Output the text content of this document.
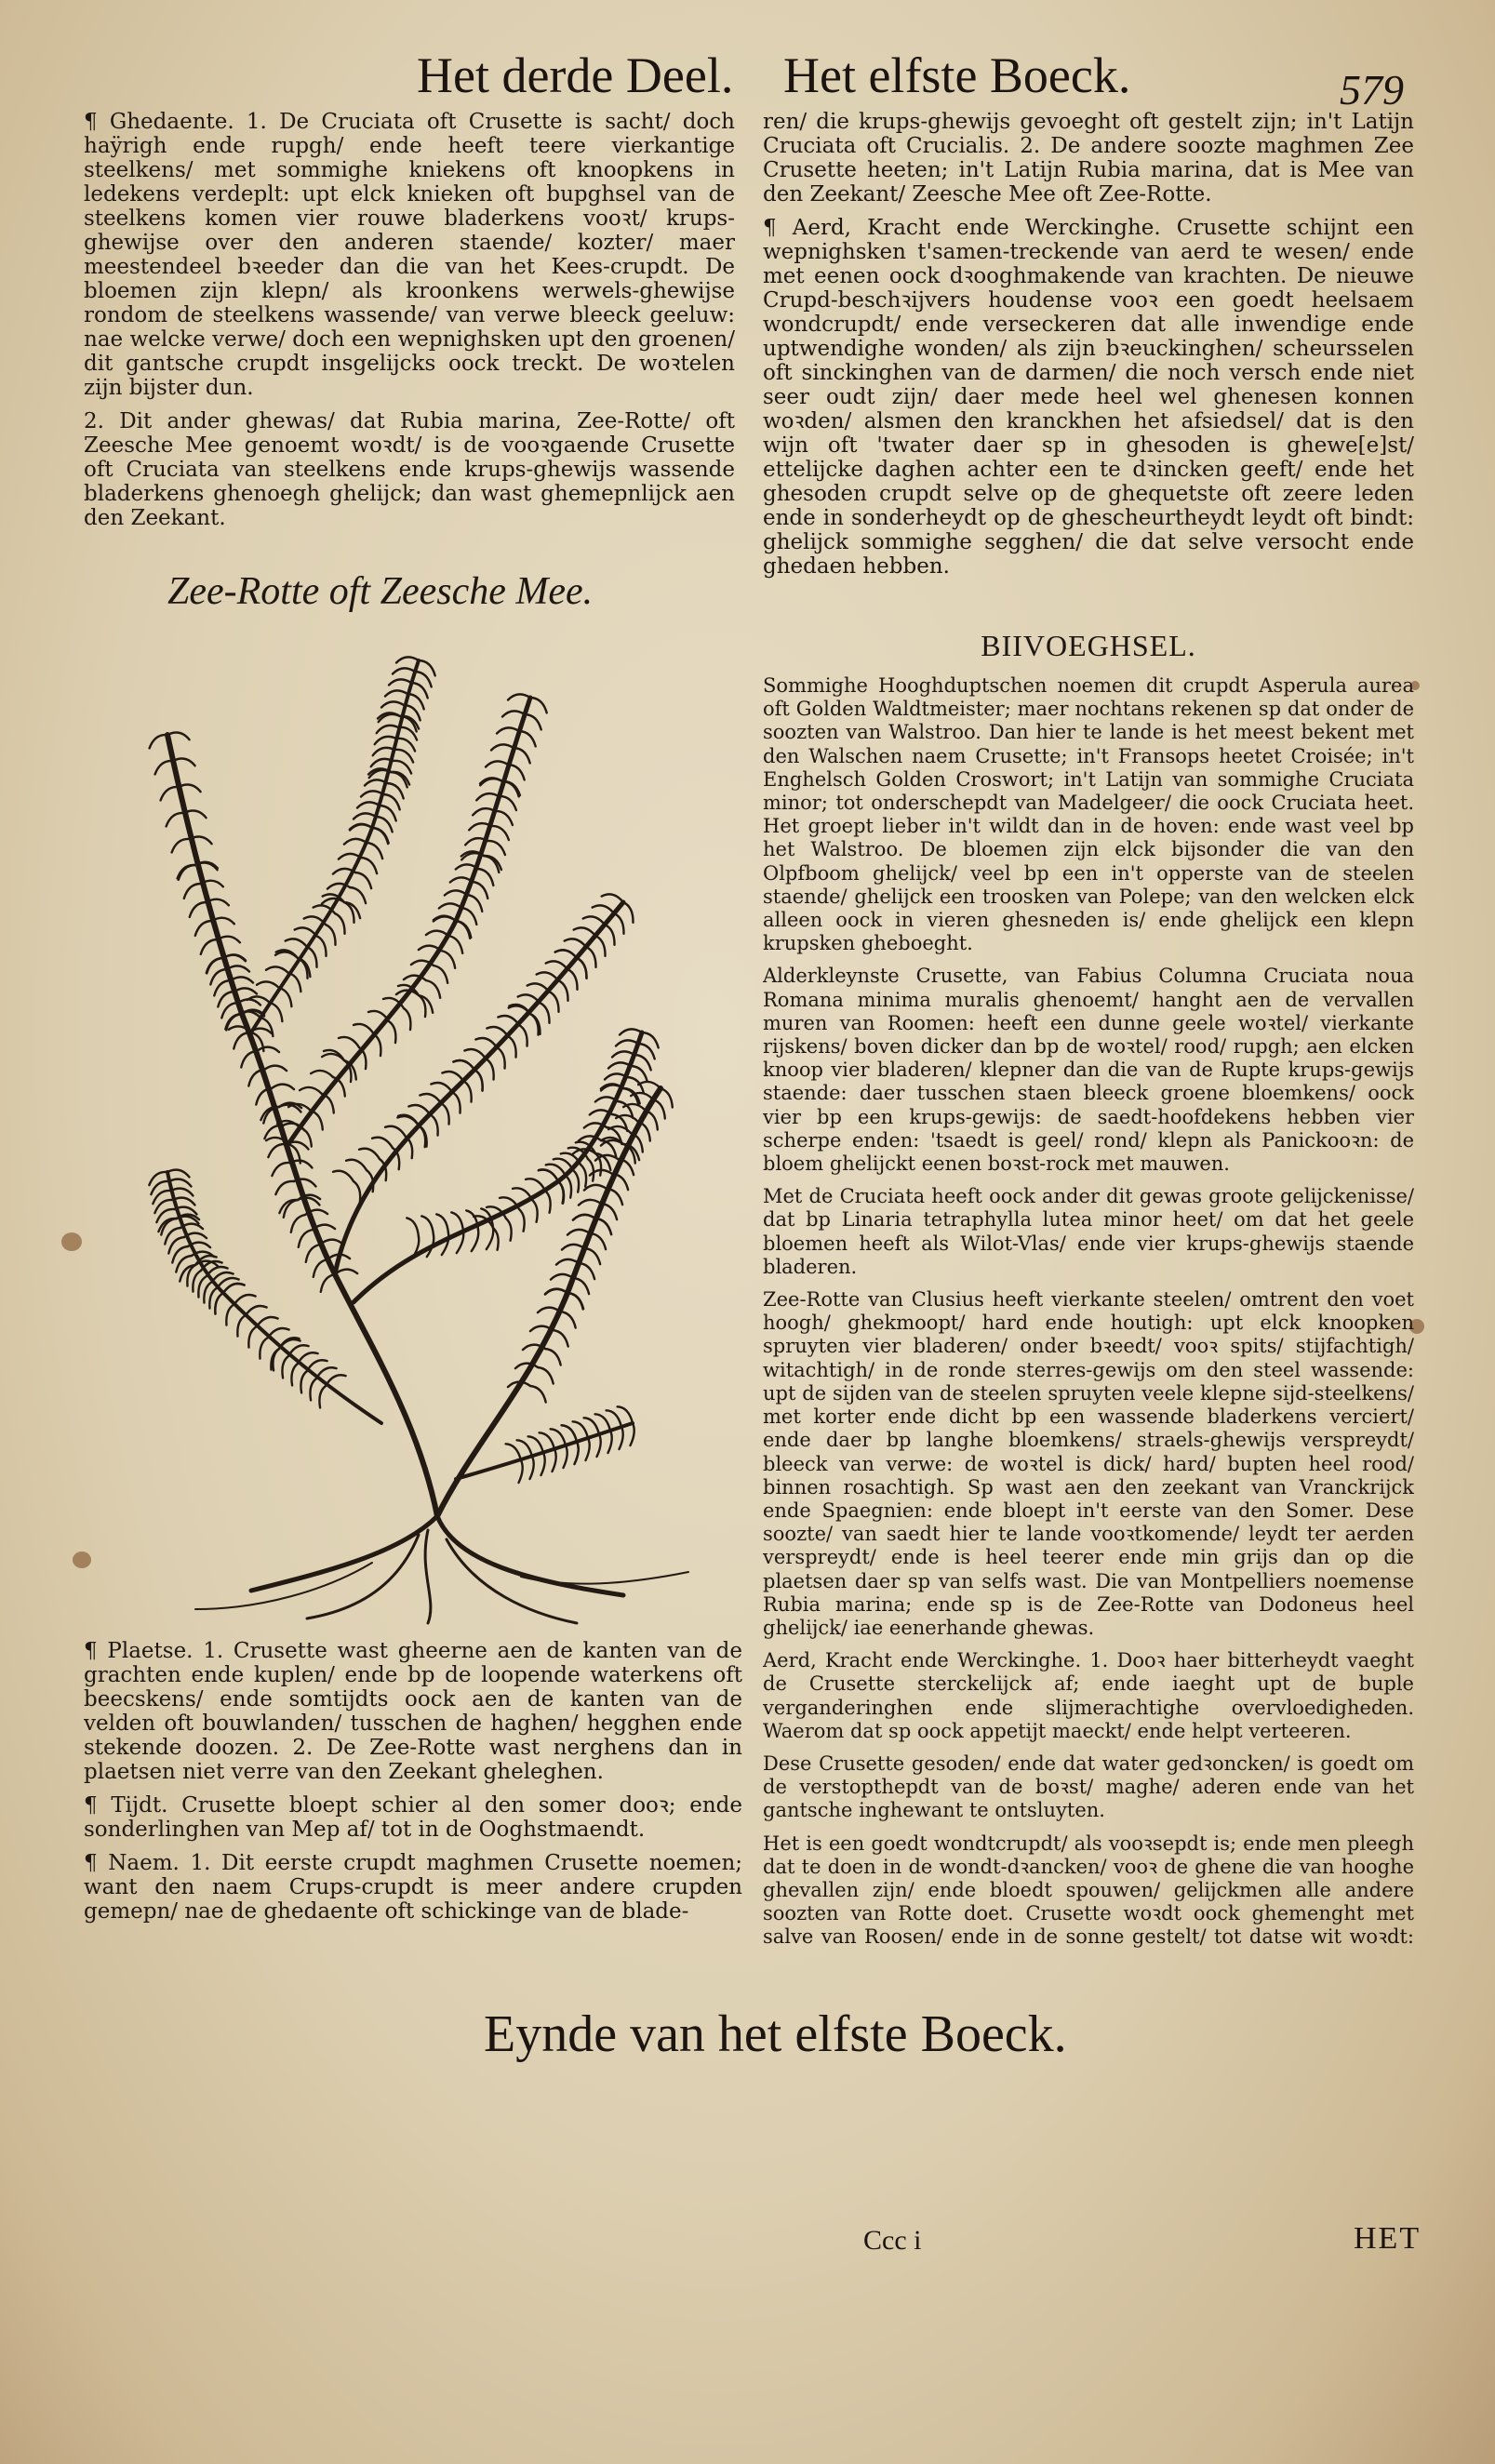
Het derde Deel. Het elfste Boeck.	579

¶ Ghedaente. 1. De Cruciata oft Crusette is sacht/ doch haÿrigh ende rupgh/ ende heeft teere vierkantige steelkens/ met sommighe kniekens oft knoopkens in ledekens verdeplt: upt elck knieken oft bupghsel van de steelkens komen vier rouwe bladerkens vooꝛt/ krups-ghewijse over den anderen staende/ kozter/ maer meestendeel bꝛeeder dan die van het Kees-crupdt. De bloemen zijn klepn/ als kroonkens werwels-ghewijse rondom de steelkens wassende/ van verwe bleeck geeluw: nae welcke verwe/ doch een wepnighsken upt den groenen/ dit gantsche crupdt insgelijcks oock treckt. De woꝛtelen zijn bijster dun.

2. Dit ander ghewas/ dat Rubia marina, Zee-Rotte/ oft Zeesche Mee genoemt woꝛdt/ is de vooꝛgaende Crusette oft Cruciata van steelkens ende krups-ghewijs wassende bladerkens ghenoegh ghelijck; dan wast ghemepnlijck aen den Zeekant.

Zee-Rotte oft Zeesche Mee.

¶ Plaetse. 1. Crusette wast gheerne aen de kanten van de grachten ende kuplen/ ende bp de loopende waterkens oft beecskens/ ende somtijdts oock aen de kanten van de velden oft bouwlanden/ tusschen de haghen/ hegghen ende stekende doozen. 2. De Zee-Rotte wast nerghens dan in plaetsen niet verre van den Zeekant gheleghen.

¶ Tijdt. Crusette bloept schier al den somer dooꝛ; ende sonderlinghen van Mep af/ tot in de Ooghstmaendt.

¶ Naem. 1. Dit eerste crupdt maghmen Crusette noemen; want den naem Crups-crupdt is meer andere crupden gemepn/ nae de ghedaente oft schickinge van de blade-

ren/ die krups-ghewijs gevoeght oft gestelt zijn; in't Latijn Cruciata oft Crucialis. 2. De andere soozte maghmen Zee Crusette heeten; in't Latijn Rubia marina, dat is Mee van den Zeekant/ Zeesche Mee oft Zee-Rotte.

¶ Aerd, Kracht ende Werckinghe. Crusette schijnt een wepnighsken t'samen-treckende van aerd te wesen/ ende met eenen oock dꝛooghmakende van krachten. De nieuwe Crupd-beschꝛijvers houdense vooꝛ een goedt heelsaem wondcrupdt/ ende verseckeren dat alle inwendige ende uptwendighe wonden/ als zijn bꝛeuckinghen/ scheursselen oft sinckinghen van de darmen/ die noch versch ende niet seer oudt zijn/ daer mede heel wel ghenesen konnen woꝛden/ alsmen den kranckhen het afsiedsel/ dat is den wijn oft 'twater daer sp in ghesoden is ghewe[e]st/ ettelijcke daghen achter een te dꝛincken geeft/ ende het ghesoden crupdt selve op de ghequetste oft zeere leden ende in sonderheydt op de ghescheurtheydt leydt oft bindt: ghelijck sommighe segghen/ die dat selve versocht ende ghedaen hebben.

BIIVOEGHSEL.

Sommighe Hooghduptschen noemen dit crupdt Asperula aurea oft Golden Waldtmeister; maer nochtans rekenen sp dat onder de soozten van Walstroo. Dan hier te lande is het meest bekent met den Walschen naem Crusette; in't Fransops heetet Croisée; in't Enghelsch Golden Croswort; in't Latijn van sommighe Cruciata minor; tot onderschepdt van Madelgeer/ die oock Cruciata heet. Het groept lieber in't wildt dan in de hoven: ende wast veel bp het Walstroo. De bloemen zijn elck bijsonder die van den Olpfboom ghelijck/ veel bp een in't opperste van de steelen staende/ ghelijck een troosken van Polepe; van den welcken elck alleen oock in vieren ghesneden is/ ende ghelijck een klepn krupsken gheboeght.

Alderkleynste Crusette, van Fabius Columna Cruciata noua Romana minima muralis ghenoemt/ hanght aen de vervallen muren van Roomen: heeft een dunne geele woꝛtel/ vierkante rijskens/ boven dicker dan bp de woꝛtel/ rood/ rupgh; aen elcken knoop vier bladeren/ klepner dan die van de Rupte krups-gewijs staende: daer tusschen staen bleeck groene bloemkens/ oock vier bp een krups-gewijs: de saedt-hoofdekens hebben vier scherpe enden: 'tsaedt is geel/ rond/ klepn als Panickooꝛn: de bloem ghelijckt eenen boꝛst-rock met mauwen.

Met de Cruciata heeft oock ander dit gewas groote gelijckenisse/ dat bp Linaria tetraphylla lutea minor heet/ om dat het geele bloemen heeft als Wilot-Vlas/ ende vier krups-ghewijs staende bladeren.

Zee-Rotte van Clusius heeft vierkante steelen/ omtrent den voet hoogh/ ghekmoopt/ hard ende houtigh: upt elck knoopken spruyten vier bladeren/ onder bꝛeedt/ vooꝛ spits/ stijfachtigh/ witachtigh/ in de ronde sterres-gewijs om den steel wassende: upt de sijden van de steelen spruyten veele klepne sijd-steelkens/ met korter ende dicht bp een wassende bladerkens verciert/ ende daer bp langhe bloemkens/ straels-ghewijs verspreydt/ bleeck van verwe: de woꝛtel is dick/ hard/ bupten heel rood/ binnen rosachtigh. Sp wast aen den zeekant van Vranckrijck ende Spaegnien: ende bloept in't eerste van den Somer. Dese soozte/ van saedt hier te lande vooꝛtkomende/ leydt ter aerden verspreydt/ ende is heel teerer ende min grijs dan op die plaetsen daer sp van selfs wast. Die van Montpelliers noemense Rubia marina; ende sp is de Zee-Rotte van Dodoneus heel ghelijck/ iae eenerhande ghewas.

Aerd, Kracht ende Werckinghe. 1. Dooꝛ haer bitterheydt vaeght de Crusette sterckelijck af; ende iaeght upt de buple verganderinghen ende slijmerachtighe overvloedigheden. Waerom dat sp oock appetijt maeckt/ ende helpt verteeren.

Dese Crusette gesoden/ ende dat water gedꝛoncken/ is goedt om de verstopthepdt van de boꝛst/ maghe/ aderen ende van het gantsche inghewant te ontsluyten.

Het is een goedt wondtcrupdt/ als vooꝛsepdt is; ende men pleegh dat te doen in de wondt-dꝛancken/ vooꝛ de ghene die van hooghe ghevallen zijn/ ende bloedt spouwen/ gelijckmen alle andere soozten van Rotte doet. Crusette woꝛdt oock ghemenght met salve van Roosen/ ende in de sonne gestelt/ tot datse wit woꝛdt:

Eynde van het elfste Boeck.
Ccc i	HET
